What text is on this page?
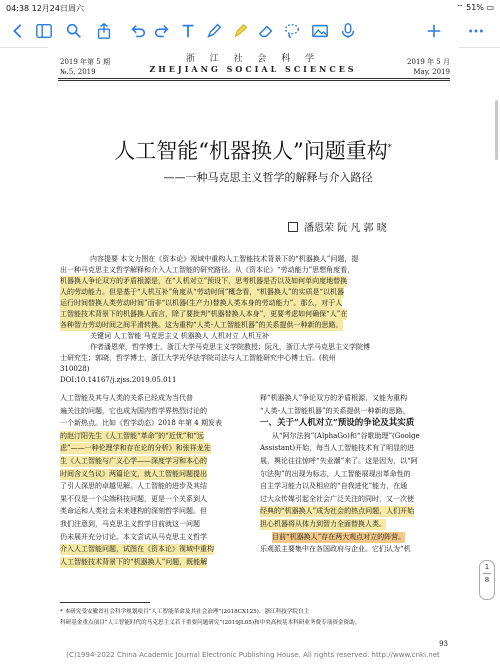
04:38 12月24日周六	⌔ 51% ▭
2019 年第 5 期
№.5, 2019
浙 江 社 会 科 学
ZHEJIANG SOCIAL SCIENCES
2019 年 5 月
May, 2019
人工智能“机器换人”问题重构*
——一种马克思主义哲学的解释与介入路径
潘恩荣 阮 凡 郭 晓
内容提要 本文力图在《资本论》视域中重构人工智能技术背景下的“机器换人”问题，提
出一种马克思主义哲学解释和介入人工智能的研究路径。从《资本论》“劳动能力”思想角度看，
机器换人争论双方的矛盾根源是，在“人机对立”预设下，思考机器是否以及如何单向度地替换
人的劳动能力。但是基于“人机互补”角度从“劳动时间”概念看，“机器换人”的实质是“以机器
运行时间替换人类劳动时间”而非“以机器(生产力)替换人类本身的劳动能力”。那么，对于人
工智能技术背景下的机器换人而言，除了要批判“机器替换人本身”，更要考虑如何确保“人”在
各种智力劳动时间之间平滑转换。这为重构“人类-人工智能机器”的关系提供一种新的思路。
关键词 人工智能 马克思主义 机器换人 人机对立 人机互补
作者潘恩荣，哲学博士，浙江大学马克思主义学院教授；阮凡，浙江大学马克思主义学院博
士研究生；郭晓，哲学博士，浙江大学光华法学院司法与人工智能研究中心博士后。(杭州
310028)
DOI:10.14167/j.zjss.2019.05.011
人工智能及其与人类的关系已经成为当代普
遍关注的问题，它也成为国内哲学界热烈讨论的
一个新热点。比如《哲学动态》2018 年第 4 期发表
的赵汀阳先生《人工智能“革命”的“近忧”和“远
虑”——一种伦理学和存在论的分析》和张祥龙先
生《人工智能与广义心学——深度学习和本心的
时间含义刍议》两篇论文，就人工智能问题提出
了引人深思的卓越见解。人工智能的进步及其结
果不仅是一个尖端科技问题，更是一个关系到人
类命运和人类社会未来建构的深刻哲学问题。但
我们注意到，马克思主义哲学目前就这一问题
仍未展开充分讨论。本文尝试从马克思主义哲学
介入人工智能问题，试图在《资本论》视域中重构
人工智能技术背景下的“机器换人”问题，既能解
释“机器换人”争论双方的矛盾根源，又能为重构
“人类-人工智能机器”的关系提供一种新的思路。
一、关于“人机对立”预设的争论及其实质
从“阿尔法狗”(AlphaGo)和“谷歌助理”(Goolge
Assistant)开始，每当人工智能技术有了明显的进
展，舆论往往惊呼“失业潮”来了。这是因为，以“阿
尔法狗”的出现为标志，人工智能展现出革命性的
自主学习能力以及相应的“自我进化”能力，在通
过大众传媒引起全社会广泛关注的同时，又一次使
经典的“机器换人”成为社会的热点问题，人们开始
担心机器将从体力到智力全面替换人类。
目前“机器换人”存在两大观点对立的阵营。
乐观派主要集中在各国政府与企业。它们认为“机
* 本研究受安徽省社会科学规划项目“人工智能革命及其社会治理”(2018CX125)、浙江科技学院自主
科研基金重点项目“人工智能时代的马克思主义若干重要问题研究”(2019JL05)和中央高校基本科研业务费专项资金资助。
93
(C)1994-2022 China Academic Journal Electronic Publishing House. All rights reserved. http://www.cnki.net
1
8
